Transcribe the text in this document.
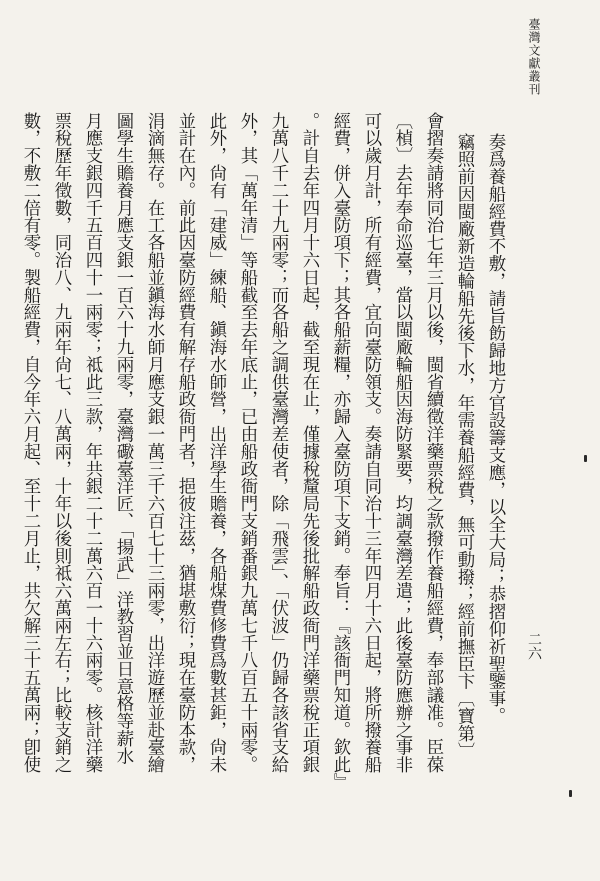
臺灣文獻叢刊
二六
奏爲養船經費不敷，請旨飭歸地方官設籌支應，以全大局；恭摺仰祈聖鑒事。
竊照前因閩廠新造輪船先後下水，年需養船經費，無可動撥；經前撫臣卞〔寶第〕
會摺奏請將同治七年三月以後，閩省續徵洋藥票稅之款撥作養船經費，奉部議准。臣葆
〔楨〕去年奉命巡臺，當以閩廠輪船因海防緊要，均調臺灣差遣；此後臺防應辦之事非
可以歲月計，所有經費，宜向臺防領支。奏請自同治十三年四月十六日起，將所撥養船
經費，併入臺防項下；其各船薪糧，亦歸入臺防項下支銷。奉旨：『該衙門知道。欽此』
。計自去年四月十六日起，截至現在止，僅據稅釐局先後批解船政衙門洋藥票稅正項銀
九萬八千二十九兩零；而各船之調供臺灣差使者，除「飛雲」、「伏波」仍歸各該省支給
外，其「萬年清」等船截至去年底止，已由船政衙門支銷番銀九萬七千八百五十兩零。
此外，尙有「建威」練船、鎭海水師營，出洋學生贍養，各船煤費修費爲數甚鉅，尙未
並計在內。前此因臺防經費有解存船政衙門者，挹彼注茲，猶堪敷衍；現在臺防本款，
涓滴無存。在工各船並鎭海水師月應支銀一萬三千六百七十三兩零，出洋遊歷並赴臺繪
圖學生贍養月應支銀一百六十九兩零，臺灣礮臺洋匠、「揚武」洋教習並日意格等薪水
月應支銀四千五百四十一兩零；祗此三款，年共銀二十二萬六百一十六兩零。核計洋藥
票稅歷年徵數，同治八、九兩年尙七、八萬兩，十年以後則祗六萬兩左右；比較支銷之
數，不敷二倍有零。製船經費，自今年六月起、至十二月止，共欠解三十五萬兩；卽使
